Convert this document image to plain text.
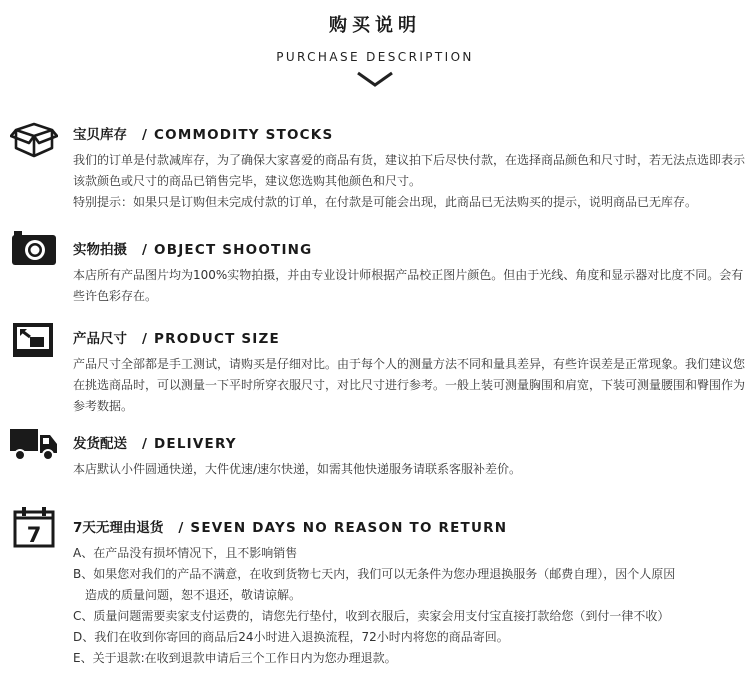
购买说明
PURCHASE DESCRIPTION
宝贝库存 / COMMODITY STOCKS

我们的订单是付款减库存，为了确保大家喜爱的商品有货，建议拍下后尽快付款，在选择商品颜色和尺寸时，若无法点选即表示该款颜色或尺寸的商品已销售完毕，建议您选购其他颜色和尺寸。

特别提示：如果只是订购但未完成付款的订单，在付款是可能会出现，此商品已无法购买的提示，说明商品已无库存。

实物拍摄 / OBJECT SHOOTING

本店所有产品图片均为100%实物拍摄，并由专业设计师根据产品校正图片颜色。但由于光线、角度和显示器对比度不同。会有些许色彩存在。

产品尺寸 / PRODUCT SIZE

产品尺寸全部都是手工测试，请购买是仔细对比。由于每个人的测量方法不同和量具差异，有些许误差是正常现象。我们建议您在挑选商品时，可以测量一下平时所穿衣服尺寸，对比尺寸进行参考。一般上装可测量胸围和肩宽，下装可测量腰围和臀围作为参考数据。

发货配送 / DELIVERY

本店默认小件圆通快递，大件优速/速尔快递，如需其他快递服务请联系客服补差价。

7 7天无理由退货 / SEVEN DAYS NO REASON TO RETURN

A、在产品没有损坏情况下，且不影响销售

B、如果您对我们的产品不满意，在收到货物七天内，我们可以无条件为您办理退换服务（邮费自理），因个人原因

造成的质量问题，恕不退还，敬请谅解。

C、质量问题需要卖家支付运费的，请您先行垫付，收到衣服后，卖家会用支付宝直接打款给您（到付一律不收）

D、我们在收到你寄回的商品后24小时进入退换流程，72小时内将您的商品寄回。

E、关于退款:在收到退款申请后三个工作日内为您办理退款。
